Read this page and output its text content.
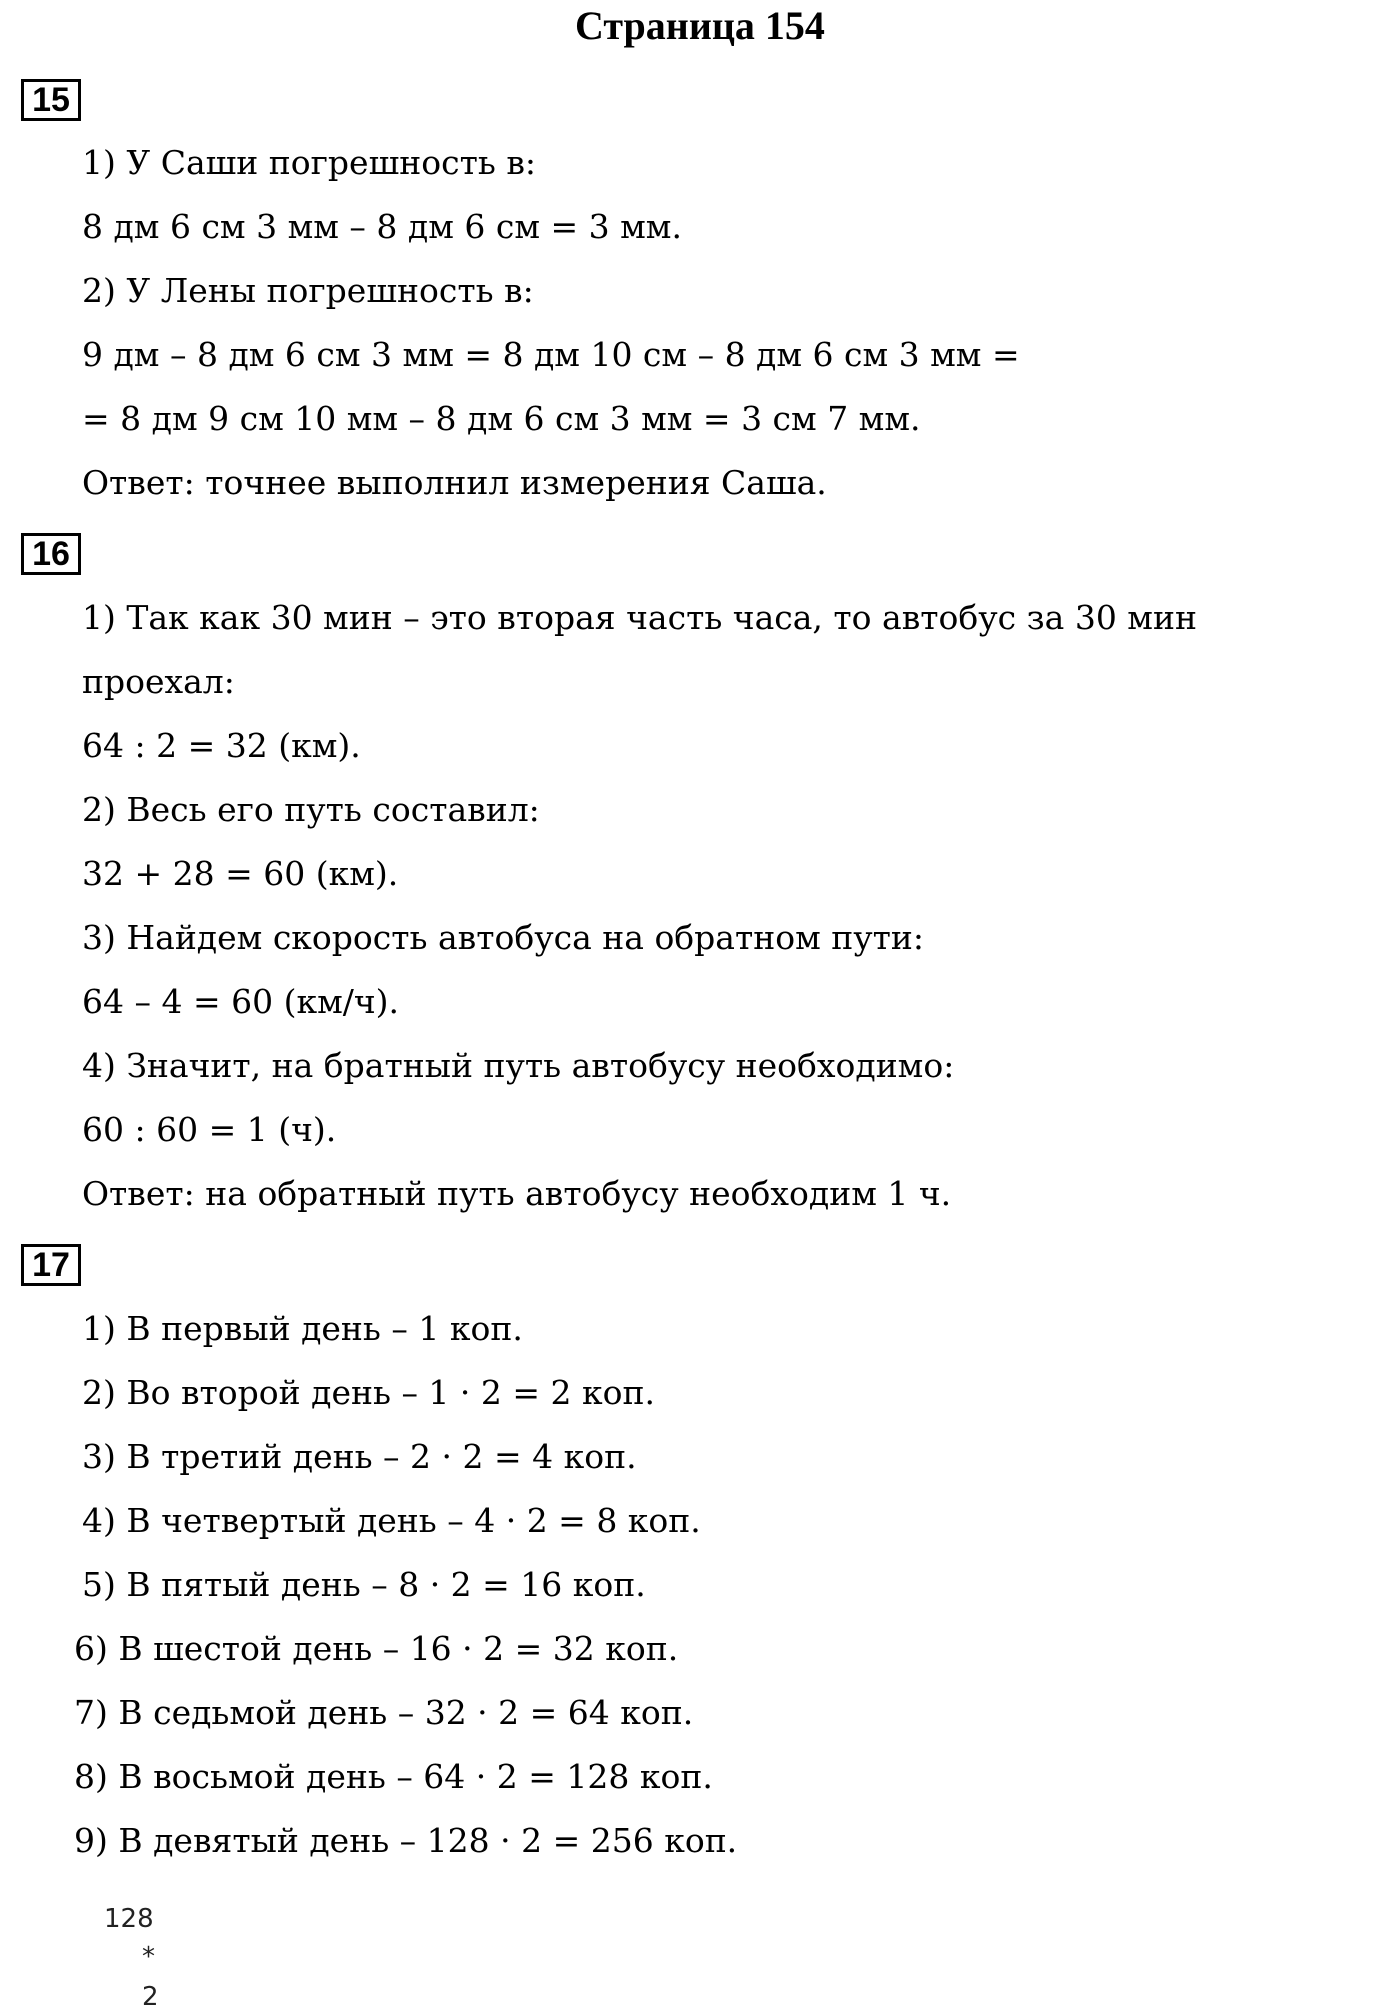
Страница 154
15

1) У Саши погрешность в:

8 дм 6 см 3 мм – 8 дм 6 см = 3 мм.

2) У Лены погрешность в:

9 дм – 8 дм 6 см 3 мм = 8 дм 10 см – 8 дм 6 см 3 мм =

= 8 дм 9 см 10 мм – 8 дм 6 см 3 мм = 3 см 7 мм.

Ответ: точнее выполнил измерения Саша.

16

1) Так как 30 мин – это вторая часть часа, то автобус за 30 мин

проехал:

64 : 2 = 32 (км).

2) Весь его путь составил:

32 + 28 = 60 (км).

3) Найдем скорость автобуса на обратном пути:

64 – 4 = 60 (км/ч).

4) Значит, на братный путь автобусу необходимо:

60 : 60 = 1 (ч).

Ответ: на обратный путь автобусу необходим 1 ч.

17

1) В первый день – 1 коп.

2) Во второй день – 1 · 2 = 2 коп.

3) В третий день – 2 · 2 = 4 коп.

4) В четвертый день – 4 · 2 = 8 коп.

5) В пятый день – 8 · 2 = 16 коп.

6) В шестой день – 16 · 2 = 32 коп.

7) В седьмой день – 32 · 2 = 64 коп.

8) В восьмой день – 64 · 2 = 128 коп.

9) В девятый день – 128 · 2 = 256 коп.

128
*
2
